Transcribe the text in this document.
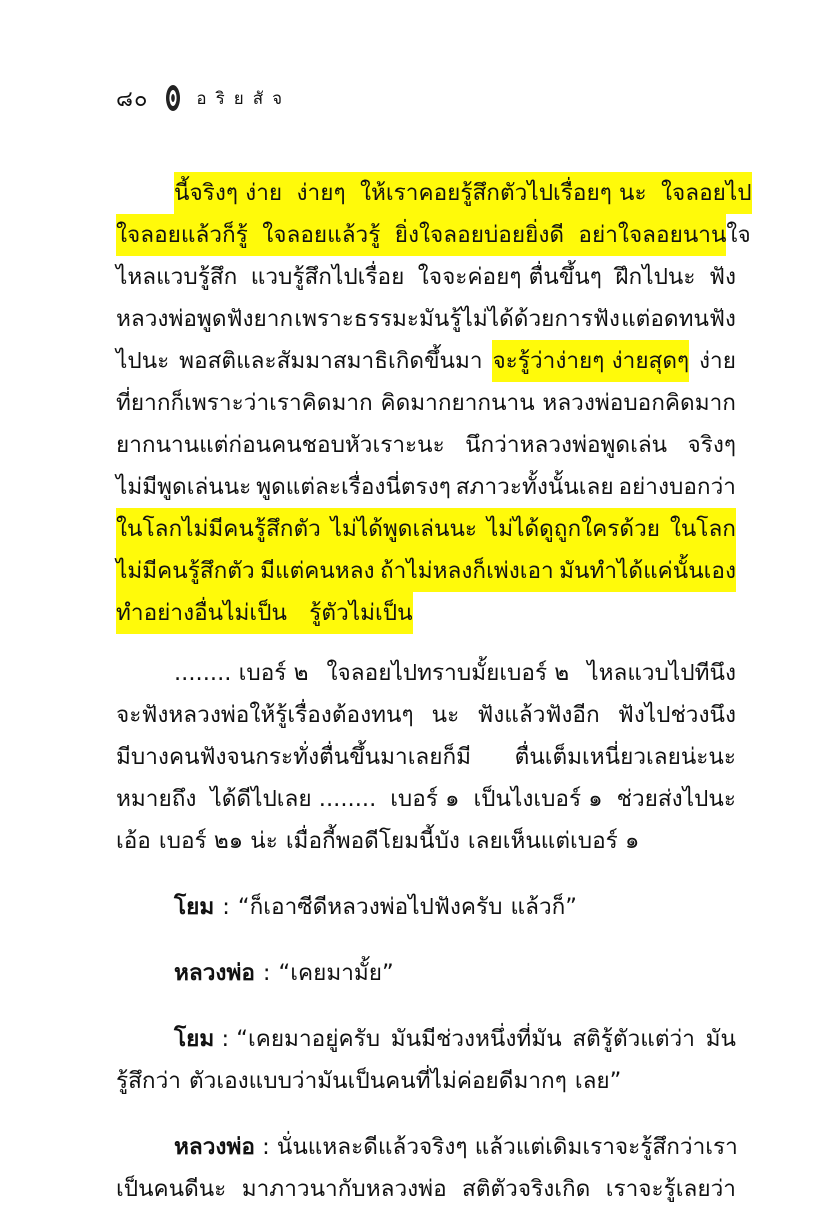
๘๐	อริยสัจ
นี้จริงๆ ง่าย ง่ายๆ ให้เราคอยรู้สึกตัวไปเรื่อยๆ นะ ใจลอยไป
ใจลอยแล้วก็รู้ ใจลอยแล้วรู้ ยิ่งใจลอยบ่อยยิ่งดี อย่าใจลอยนาน ใจ
ไหลแวบรู้สึก แวบรู้สึกไปเรื่อย ใจจะค่อยๆ ตื่นขึ้นๆ ฝึกไปนะ ฟัง
หลวงพ่อพูดฟังยาก เพราะธรรมะมันรู้ไม่ได้ด้วยการฟัง แต่อดทนฟัง
ไปนะ พอสติและสัมมาสมาธิเกิดขึ้นมา จะรู้ว่าง่ายๆ ง่ายสุดๆ ง่าย
ที่ยากก็เพราะว่าเราคิดมาก คิดมากยากนาน หลวงพ่อบอกคิดมาก
ยากนานแต่ก่อนคนชอบหัวเราะนะ นึกว่าหลวงพ่อพูดเล่น จริงๆ
ไม่มีพูดเล่นนะ พูดแต่ละเรื่องนี่ตรงๆ สภาวะทั้งนั้นเลย อย่างบอกว่า
ในโลกไม่มีคนรู้สึกตัว ไม่ได้พูดเล่นนะ ไม่ได้ดูถูกใครด้วย ในโลก
ไม่มีคนรู้สึกตัว มีแต่คนหลง ถ้าไม่หลงก็เพ่งเอา มันทำได้แค่นั้นเอง
ทำอย่างอื่นไม่เป็น รู้ตัวไม่เป็น
........ เบอร์ ๒ ใจลอยไปทราบมั้ยเบอร์ ๒ ไหลแวบไปทีนึง
จะฟังหลวงพ่อให้รู้เรื่องต้องทนๆ นะ ฟังแล้วฟังอีก ฟังไปช่วงนึง
มีบางคนฟังจนกระทั่งตื่นขึ้นมาเลยก็มี ตื่นเต็มเหนี่ยวเลยน่ะนะ
หมายถึง ได้ดีไปเลย ........ เบอร์ ๑ เป็นไงเบอร์ ๑ ช่วยส่งไปนะ
เอ้อ เบอร์ ๒๑ น่ะ เมื่อกี้พอดีโยมนี้บัง เลยเห็นแต่เบอร์ ๑
โยม : “ก็เอาซีดีหลวงพ่อไปฟังครับ แล้วก็”
หลวงพ่อ : “เคยมามั้ย”
โยม : “เคยมาอยู่ครับ มันมีช่วงหนึ่งที่มัน สติรู้ตัวแต่ว่า มัน
รู้สึกว่า ตัวเองแบบว่ามันเป็นคนที่ไม่ค่อยดีมากๆ เลย”
หลวงพ่อ : นั่นแหละดีแล้ว จริงๆ แล้วแต่เดิมเราจะรู้สึกว่าเรา
เป็นคนดีนะ มาภาวนากับหลวงพ่อ สติตัวจริงเกิด เราจะรู้เลยว่า
